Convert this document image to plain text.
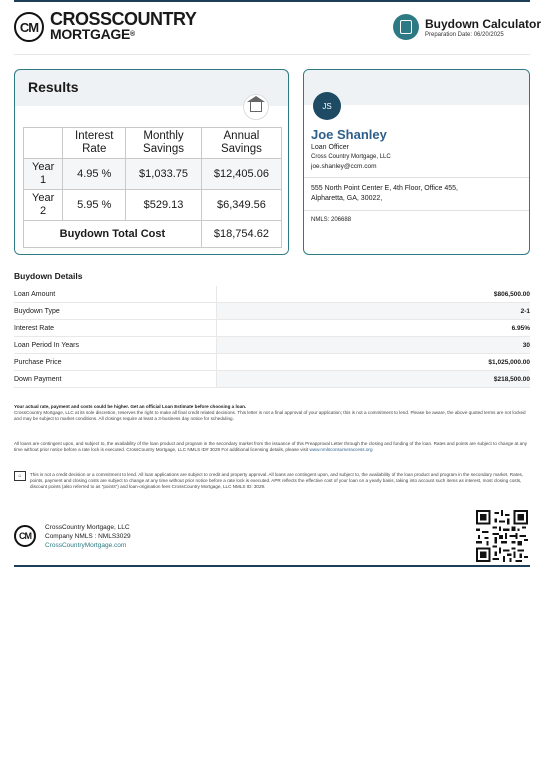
CM CROSSCOUNTRY
MORTGAGE®
Buydown Calculator
Preparation Date: 06/20/2025
Results
	Interest Rate	Monthly Savings	Annual Savings
Year 1	4.95 %	$1,033.75	$12,405.06
Year 2	5.95 %	$529.13	$6,349.56
Buydown Total Cost			$18,754.62
JS
Joe Shanley
Loan Officer
Cross Country Mortgage, LLC
joe.shanley@ccm.com
555 North Point Center E, 4th Floor, Office 455,
Alpharetta, GA, 30022,
NMLS: 206688
Buydown Details
Loan Amount	$806,500.00
Buydown Type	2-1
Interest Rate	6.95%
Loan Period In Years	30
Purchase Price	$1,025,000.00
Down Payment	$218,500.00
Your actual rate, payment and costs could be higher. Get an official Loan Estimate before choosing a loan.
CrossCountry Mortgage, LLC at its sole discretion, reserves the right to make all final credit related decisions. This letter is not a final approval of your application; this is not a commitment to lend. Please be aware, the above quoted terms are not locked and may be subject to market conditions. All closings require at least a 3-business day notice for scheduling.
All loans are contingent upon, and subject to, the availability of the loan product and program in the secondary market from the issuance of this Preapproval Letter through the closing and funding of the loan. Rates and points are subject to change at any time without prior notice before a rate lock is executed. CrossCountry Mortgage, LLC NMLS ID# 3029 For additional licensing details, please visit www.nmlsconsumeraccess.org
⌂	This is not a credit decision or a commitment to lend. All loan applications are subject to credit and property approval. All loans are contingent upon, and subject to, the availability of the loan product and program in the secondary market. Rates, points, payment and closing costs are subject to change at any time without prior notice before a rate lock is executed. APR reflects the effective cost of your loan on a yearly basis, taking into account such items as interest, most closing costs, discount points (also referred to as "points") and loan-origination fees CrossCountry Mortgage, LLC NMLS ID: 3029.
CM
CrossCountry Mortgage, LLC
Company NMLS : NMLS3029
CrossCountryMortgage.com
